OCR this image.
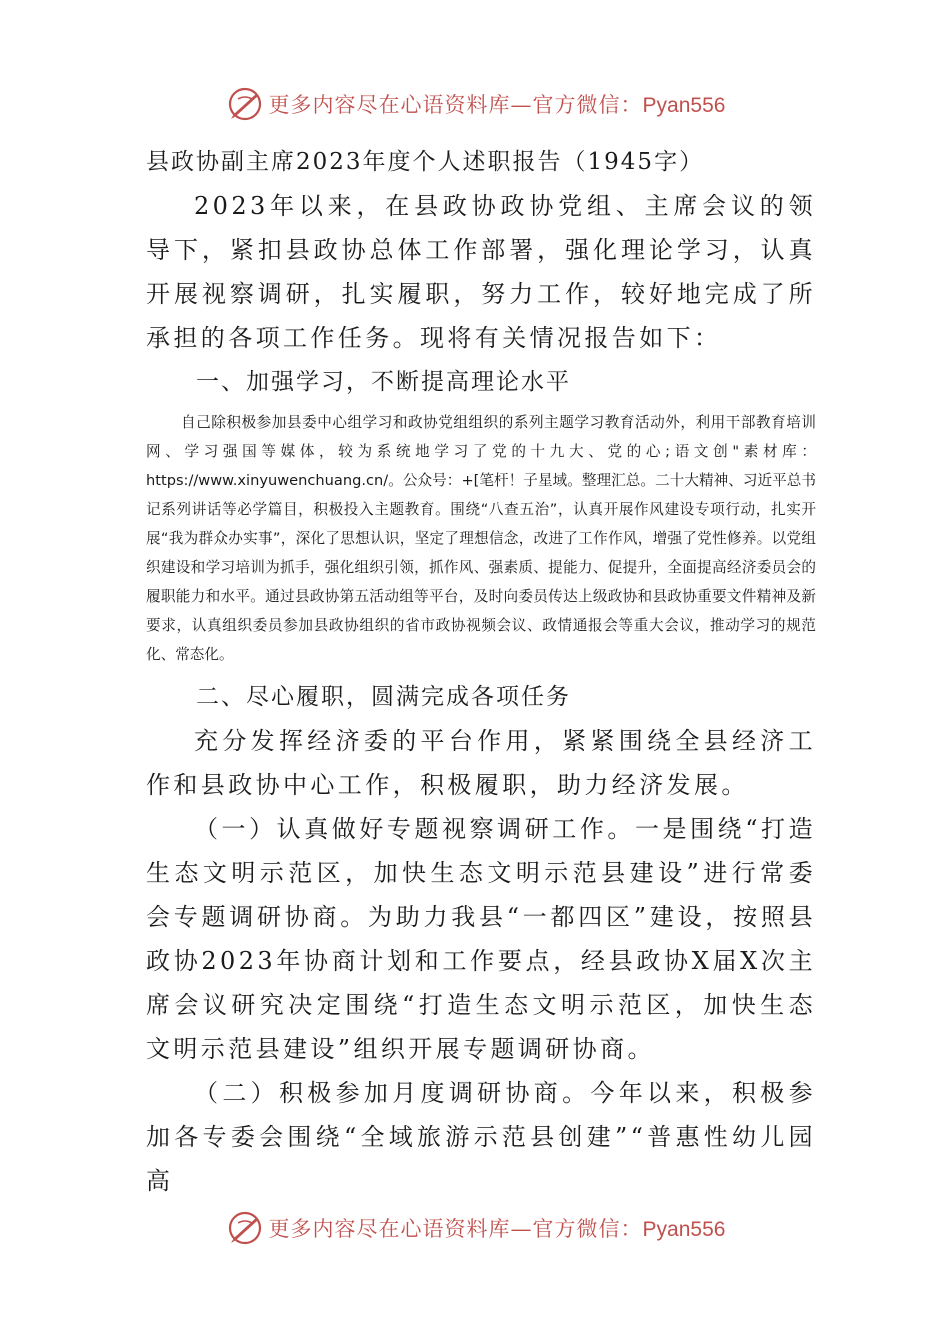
更多内容尽在心语资料库—官方微信：Pyan556
县政协副主席2023年度个人述职报告（1945字）

2023年以来，在县政协政协党组、主席会议的领导下，紧扣县政协总体工作部署，强化理论学习，认真开展视察调研，扎实履职，努力工作，较好地完成了所承担的各项工作任务。现将有关情况报告如下：

一、加强学习，不断提高理论水平

自己除积极参加县委中心组学习和政协党组组织的系列主题学习教育活动外，利用干部教育培训网、学习强国等媒体，较为系统地学习了党的十九大、党的心;语文创"素材库：https://www.xinyuwenchuang.cn/。公众号：+[笔杆！子星域。整理汇总。二十大精神、习近平总书记系列讲话等必学篇目，积极投入主题教育。围绕“八查五治”，认真开展作风建设专项行动，扎实开展“我为群众办实事”，深化了思想认识，坚定了理想信念，改进了工作作风，增强了党性修养。以党组织建设和学习培训为抓手，强化组织引领，抓作风、强素质、提能力、促提升，全面提高经济委员会的履职能力和水平。通过县政协第五活动组等平台，及时向委员传达上级政协和县政协重要文件精神及新要求，认真组织委员参加县政协组织的省市政协视频会议、政情通报会等重大会议，推动学习的规范化、常态化。

二、尽心履职，圆满完成各项任务

充分发挥经济委的平台作用，紧紧围绕全县经济工作和县政协中心工作，积极履职，助力经济发展。

（一）认真做好专题视察调研工作。一是围绕“打造生态文明示范区，加快生态文明示范县建设”进行常委会专题调研协商。为助力我县“一都四区”建设，按照县政协2023年协商计划和工作要点，经县政协X届X次主席会议研究决定围绕“打造生态文明示范区，加快生态文明示范县建设”组织开展专题调研协商。

（二）积极参加月度调研协商。今年以来，积极参加各专委会围绕“全域旅游示范县创建”“普惠性幼儿园高

更多内容尽在心语资料库—官方微信：Pyan556
